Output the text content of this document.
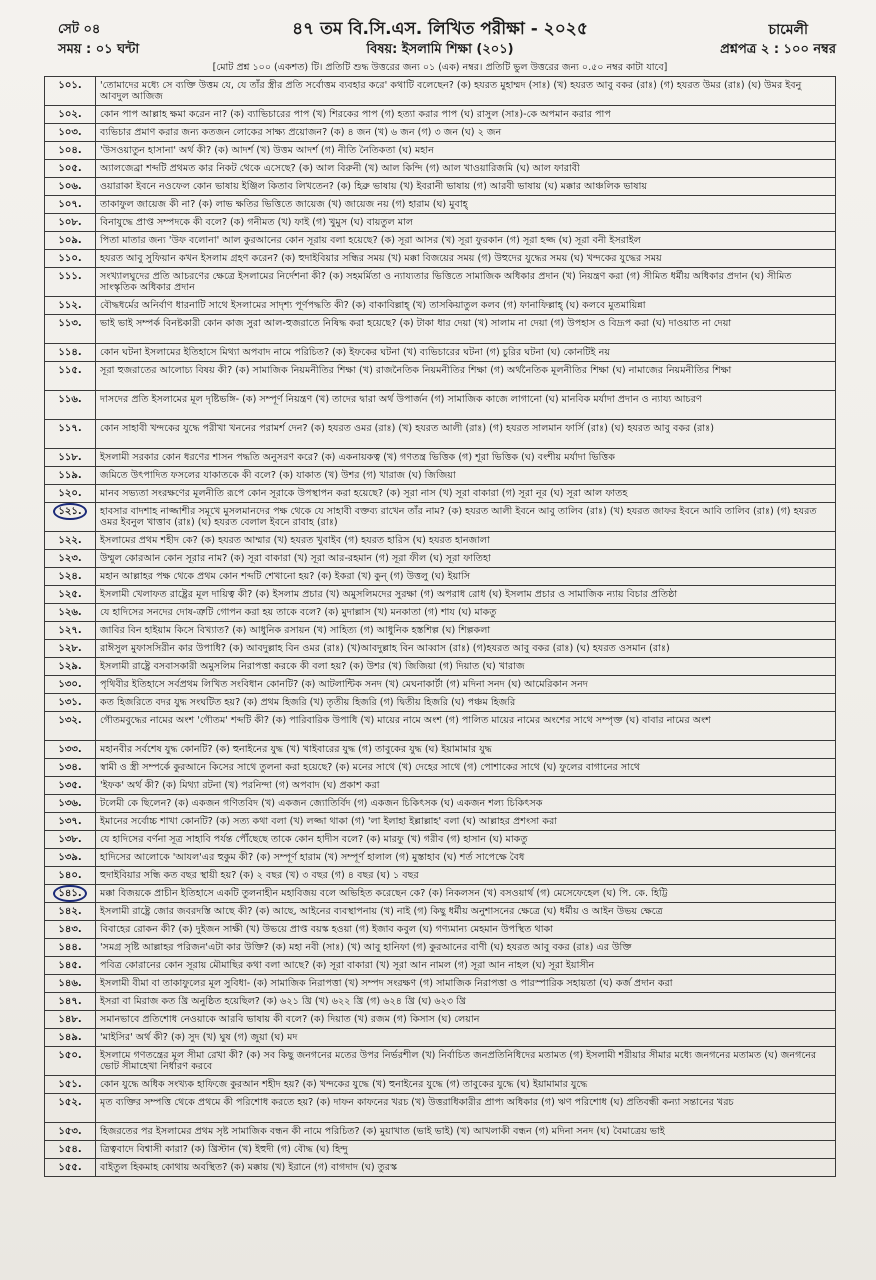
সেট ০৪
সময় : ০১ ঘন্টা
৪৭ তম বি.সি.এস. লিখিত পরীক্ষা - ২০২৫
বিষয়: ইসলামি শিক্ষা (২০১)
চামেলী
প্রশ্নপত্র ২ : ১০০ নম্বর
[মোট প্রশ্ন ১০০ (একশত) টি। প্রতিটি শুদ্ধ উত্তরের জন্য ০১ (এক) নম্বর। প্রতিটি ভুল উত্তরের জন্য ০.৫০ নম্বর কাটা যাবে]
১০১.	'তোমাদের মধ্যে সে ব্যক্তি উত্তম যে, যে তাঁর স্ত্রীর প্রতি সর্বোত্তম ব্যবহার করে' কথাটি বলেছেন? (ক) হযরত মুহাম্মদ (সাঃ) (খ) হযরত আবু বকর (রাঃ) (গ) হযরত উমর (রাঃ) (ঘ) উমর ইবনু আবদুল আজিজ
১০২.	কোন পাপ আল্লাহ ক্ষমা করেন না? (ক) ব্যাভিচারের পাপ (খ) শিরকের পাপ (গ) হত্যা করার পাপ (ঘ) রাসুল (সাঃ)-কে অপমান করার পাপ
১০৩.	ব্যভিচার প্রমাণ করার জন্য কতজন লোকের সাক্ষ্য প্রয়োজন? (ক) ৪ জন (খ) ৬ জন (গ) ৩ জন (ঘ) ২ জন
১০৪.	'উসওয়াতুন হাসানা' অর্থ কী? (ক) আদর্শ (খ) উত্তম আদর্শ (গ) নীতি নৈতিকতা (ঘ) মহান
১০৫.	অ্যালজেব্রা শব্দটি প্রথমত কার নিকট থেকে এসেছে? (ক) আল বিরুনী (খ) আল কিন্দি (গ) আল খাওয়ারিজমি (ঘ) আল ফারাবী
১০৬.	ওয়ারাকা ইবনে নওফেল কোন ভাষায় ইঞ্জিল কিতাব লিখতেন? (ক) হিব্রু ভাষায় (খ) ইবরানী ভাষায় (গ) আরবী ভাষায় (ঘ) মক্কার আঞ্চলিক ভাষায়
১০৭.	তাকাফুল জায়েজ কী না? (ক) লাভ ক্ষতির ভিত্তিতে জায়েজ (খ) জায়েজ নয় (গ) হারাম (ঘ) মুবাহ্
১০৮.	বিনাযুদ্ধে প্রাপ্ত সম্পদকে কী বলে? (ক) গনীমত (খ) ফাই (গ) খুমুস (ঘ) বায়তুল মাল
১০৯.	পিতা মাতার জন্য 'উফ বলোনা' আল কুরআনের কোন সূরায় বলা হয়েছে? (ক) সূরা আসর (খ) সূরা ফুরকান (গ) সূরা হজ্জ (ঘ) সূরা বনী ইসরাইল
১১০.	হযরত আবু সুফিয়ান কখন ইসলাম গ্রহণ করেন? (ক) হুদাইবিয়ার সন্ধির সময় (খ) মক্কা বিজয়ের সময় (গ) উহুদের যুদ্ধের সময় (ঘ) খন্দকের যুদ্ধের সময়
১১১.	সংখ্যালঘুদের প্রতি আচরণের ক্ষেত্রে ইসলামের নির্দেশনা কী? (ক) সহমর্মিতা ও ন্যায্যতার ভিত্তিতে সামাজিক অধিকার প্রদান (খ) নিয়ন্ত্রণ করা (গ) সীমিত ধর্মীয় অধিকার প্রদান (ঘ) সীমিত সাংস্কৃতিক অধিকার প্রদান
১১২.	বৌদ্ধধর্মের অনির্বাণ ধারনাটি সাথে ইসলামের সাদৃশ্য পূর্ণপদ্ধতি কী? (ক) বাকাবিল্লাহ্ (খ) তাসকিয়াতুল কলব (গ) ফানাফিল্লাহ্ (ঘ) কলবে মুতমায়িন্না
১১৩.	ভাই ভাই সম্পর্ক বিনষ্টকারী কোন কাজ সুরা আল-হুজরাতে নিষিদ্ধ করা হয়েছে? (ক) টাকা ধার দেয়া (খ) সালাম না দেয়া (গ) উপহাস ও বিদ্রূপ করা (ঘ) দাওয়াত না দেয়া
১১৪.	কোন ঘটনা ইসলামের ইতিহাসে মিথ্যা অপবাদ নামে পরিচিত? (ক) ইফকের ঘটনা (খ) ব্যভিচারের ঘটনা (গ) চুরির ঘটনা (ঘ) কোনটিই নয়
১১৫.	সূরা হুজরাতের আলোচ্য বিষয় কী? (ক) সামাজিক নিয়মনীতির শিক্ষা (খ) রাজনৈতিক নিয়মনীতির শিক্ষা (গ) অর্থনৈতিক মূলনীতির শিক্ষা (ঘ) নামাজের নিয়মনীতির শিক্ষা
১১৬.	দাসদের প্রতি ইসলামের মূল দৃষ্টিভঙ্গি- (ক) সম্পূর্ণ নিয়ন্ত্রণ (খ) তাদের দ্বারা অর্থ উপার্জন (গ) সামাজিক কাজে লাগানো (ঘ) মানবিক মর্যাদা প্রদান ও ন্যায্য আচরণ
১১৭.	কোন সাহাবী খন্দকের যুদ্ধে পরীখা খননের পরামর্শ দেন? (ক) হযরত ওমর (রাঃ) (খ) হযরত আলী (রাঃ) (গ) হযরত সালমান ফার্সি (রাঃ) (ঘ) হযরত আবু বকর (রাঃ)
১১৮.	ইসলামী সরকার কোন ধরণের শাসন পদ্ধতি অনুসরণ করে? (ক) একনায়কত্ব (খ) গণতন্ত্র ভিত্তিক (গ) শূরা ভিত্তিক (ঘ) বংশীয় মর্যাদা ভিত্তিক
১১৯.	জমিতে উৎপাদিত ফসলের যাকাতকে কী বলে? (ক) যাকাত (খ) উশর (গ) খারাজ (ঘ) জিজিয়া
১২০.	মানব সভ্যতা সংরক্ষণের মূলনীতি রূপে কোন সূরাকে উপস্থাপন করা হয়েছে? (ক) সূরা নাস (খ) সূরা বাকারা (গ) সূরা নূর (ঘ) সূরা আল ফাতহ
১২১.	হাবসার বাদশাহ নাজ্জাশীর সমূখে মুসলমানদের পক্ষ থেকে যে সাহাবী বক্তব্য রাখেন তাঁর নাম? (ক) হযরত আলী ইবনে আবু তালিব (রাঃ) (খ) হযরত জাফর ইবনে আবি তালিব (রাঃ) (গ) হযরত ওমর ইবনুল খাত্তাব (রাঃ) (ঘ) হযরত বেলাল ইবনে রাবাহ (রাঃ)
১২২.	ইসলামের প্রথম শহীদ কে? (ক) হযরত আম্মার (খ) হযরত খুবাইব (গ) হযরত হারিস (ঘ) হযরত হানজালা
১২৩.	উম্মুল কোরআন কোন সূরার নাম? (ক) সূরা বাকারা (খ) সূরা আর-রহমান (গ) সূরা ফীল (ঘ) সূরা ফাতিহা
১২৪.	মহান আল্লাহর পক্ষ থেকে প্রথম কোন শব্দটি শেখানো হয়? (ক) ইকরা (খ) কুন্ (গ) উত্তলু (ঘ) ইয়াসি
১২৫.	ইসলামী খেলাফত রাষ্ট্রের মূল দায়িত্ব কী? (ক) ইসলাম প্রচার (খ) অমুসলিমদের সুরক্ষা (গ) অপরাধ রোধ (ঘ) ইসলাম প্রচার ও সামাজিক ন্যায় বিচার প্রতিষ্ঠা
১২৬.	যে হাদিসের সনদের দোষ-ত্রুটি গোপন করা হয় তাকে বলে? (ক) মুদাল্লাস (খ) মনকাতা (গ) শায (ঘ) মাকতু
১২৭.	জাবির বিন হাইয়াম কিসে বিখ্যাত? (ক) আধুনিক রসায়ন (খ) সাহিত্য (গ) আধুনিক হস্তশিল্প (ঘ) শিল্পকলা
১২৮.	রাঈসুল মুফাসসিরীন কার উপাধি? (ক) আবদুল্লাহ বিন ওমর (রাঃ) (খ)আবদুল্লাহ বিন আব্বাস (রাঃ) (গ)হযরত আবু বকর (রাঃ) (ঘ) হযরত ওসমান (রাঃ)
১২৯.	ইসলামী রাষ্ট্রে বসবাসকারী অমুসলিম নিরাপত্তা করকে কী বলা হয়? (ক) উশর (খ) জিজিয়া (গ) দিয়াত (ঘ) খারাজ
১৩০.	পৃথিবীর ইতিহাসে সর্বপ্রথম লিখিত সংবিধান কোনটি? (ক) আটলান্টিক সনদ (খ) মেঘনাকার্টা (গ) মদিনা সনদ (ঘ) আমেরিকান সনদ
১৩১.	কত হিজরিতে বদর যুদ্ধ সংঘটিত হয়? (ক) প্রথম হিজরি (খ) তৃতীয় হিজরি (গ) দ্বিতীয় হিজরি (ঘ) পঞ্চম হিজরি
১৩২.	গৌতমবুদ্ধের নামের অংশ 'গৌতম' শব্দটি কী? (ক) পারিবারিক উপাধি (খ) মায়ের নামে অংশ (গ) পালিত মায়ের নামের অংশের সাথে সম্পৃক্ত (ঘ) বাবার নামের অংশ
১৩৩.	মহানবীর সর্বশেষ যুদ্ধ কোনটি? (ক) হুনাইনের যুদ্ধ (খ) খাইবারের যুদ্ধ (গ) তাবুকের যুদ্ধ (ঘ) ইয়ামামার যুদ্ধ
১৩৪.	স্বামী ও স্ত্রী সম্পর্কে কুরআনে কিসের সাথে তুলনা করা হয়েছে? (ক) মনের সাথে (খ) দেহের সাথে (গ) পোশাকের সাথে (ঘ) ফুলের বাগানের সাথে
১৩৫.	'ইফক' অর্থ কী? (ক) মিথ্যা রটনা (খ) পরনিন্দা (গ) অপবাদ (ঘ) প্রকাশ করা
১৩৬.	টলেমী কে ছিলেন? (ক) একজন গণিতবিদ (খ) একজন জ্যোতির্বিদ (গ) একজন চিকিৎসক (ঘ) একজন শল্য চিকিৎসক
১৩৭.	ইমানের সর্বোচ্চ শাখা কোনটি? (ক) সত্য কথা বলা (খ) লজ্জা থাকা (গ) 'লা ইলাহা ইল্লাল্লাহ' বলা (ঘ) আল্লাহর প্রশংসা করা
১৩৮.	যে হাদিসের বর্ণনা সূত্র সাহাবি পর্যন্ত পৌঁছেছে তাকে কোন হাদীস বলে? (ক) মারফু (খ) গরীব (গ) হাসান (ঘ) মাকতু
১৩৯.	হাদিসের আলোকে 'আযল'এর হুকুম কী? (ক) সম্পূর্ণ হারাম (খ) সম্পূর্ণ হালাল (গ) মুস্তাহাব (ঘ) শর্ত সাপেক্ষে বৈধ
১৪০.	হুদাইবিয়ার সন্ধি কত বছর স্থায়ী হয়? (ক) ২ বছর (খ) ৩ বছর (গ) ৪ বছর (ঘ) ১ বছর
১৪১.	মক্কা বিজয়কে প্রাচীন ইতিহাসে একটি তুলনাহীন মহাবিজয় বলে অভিহিত করেছেন কে? (ক) নিকলসন (খ) বসওয়ার্থ (গ) মেসেফেহেল (ঘ) পি. কে. হিট্টি
১৪২.	ইসলামী রাষ্ট্রে জোর জবরদস্তি আছে কী? (ক) আছে, আইনের ব্যবস্থাপনায় (খ) নাই (গ) কিছু ধর্মীয় অনুশাসনের ক্ষেত্রে (ঘ) ধর্মীয় ও আইন উভয় ক্ষেত্রে
১৪৩.	বিবাহের রোকন কী? (ক) দুইজন সাক্ষী (খ) উভয়ে প্রাপ্ত বয়স্ক হওয়া (গ) ইজাব কবুল (ঘ) গণ্যমান্য মেহমান উপস্থিত থাকা
১৪৪.	'সমগ্র সৃষ্টি আল্লাহর পরিজন'এটা কার উক্তি? (ক) মহা নবী (সাঃ) (খ) আবু হানিফা (গ) কুরআনের বাণী (ঘ) হযরত আবু বকর (রাঃ) এর উক্তি
১৪৫.	পবিত্র কোরানের কোন সূরায় মৌমাছির কথা বলা আছে? (ক) সূরা বাকারা (খ) সূরা আন নামল (গ) সূরা আন নাহল (ঘ) সূরা ইয়াসীন
১৪৬.	ইসলামী বীমা বা তাকাফুলের মূল সুবিধা- (ক) সামাজিক নিরাপত্তা (খ) সম্পদ সংরক্ষণ (গ) সামাজিক নিরাপত্তা ও পারস্পারিক সহায়তা (ঘ) কর্জ প্রদান করা
১৪৭.	ইসরা বা মিরাজ কত খ্রি অনুষ্ঠিত হয়েছিল? (ক) ৬২১ খ্রি (খ) ৬২২ খ্রি (গ) ৬২৪ খ্রি (ঘ) ৬২৩ খ্রি
১৪৮.	সমানভাবে প্রতিশোধ নেওয়াকে আরবি ভাষায় কী বলে? (ক) দিয়াত (খ) রজম (গ) কিসাস (ঘ) লেয়ান
১৪৯.	'মাইসির' অর্থ কী? (ক) সুদ (খ) ঘুষ (গ) জুয়া (ঘ) মদ
১৫০.	ইসলামে গণতন্ত্রের মূল সীমা রেখা কী? (ক) সব কিছু জনগনের মতের উপর নির্ভরশীল (খ) নির্বাচিত জনপ্রতিনিধিদের মতামত (গ) ইসলামী শরীয়ার সীমার মধ্যে জনগনের মতামত (ঘ) জনগনের ভোট সীমাহেখা নির্ধারণ করবে
১৫১.	কোন যুদ্ধে অধিক সংখ্যক হাফিজে কুরআন শহীদ হয়? (ক) খন্দকের যুদ্ধে (খ) হুনাইনের যুদ্ধে (গ) তাবুকের যুদ্ধে (ঘ) ইয়ামামার যুদ্ধে
১৫২.	মৃত ব্যক্তির সম্পত্তি থেকে প্রথমে কী পরিশোধ করতে হয়? (ক) দাফন কাফনের খরচ (খ) উত্তরাধিকারীর প্রাপ্য অধিকার (গ) ঋণ পরিশোধ (ঘ) প্রতিবন্ধী কন্যা সন্তানের খরচ
১৫৩.	হিজরতের পর ইসলামের প্রথম সৃষ্ট সামাজিক বন্ধন কী নামে পরিচিত? (ক) মুয়াখাত (ভাই ভাই) (খ) আখলাকী বন্ধন (গ) মদিনা সনদ (ঘ) বৈমাত্রেয় ভাই
১৫৪.	ত্রিত্ববাদে বিশ্বাসী কারা? (ক) খ্রিস্টান (খ) ইহুদী (গ) বৌদ্ধ (ঘ) হিন্দু
১৫৫.	বাইতুল হিকমাহ কোথায় অবস্থিত? (ক) মক্কায় (খ) ইরানে (গ) বাগদাদ (ঘ) তুরস্ক
